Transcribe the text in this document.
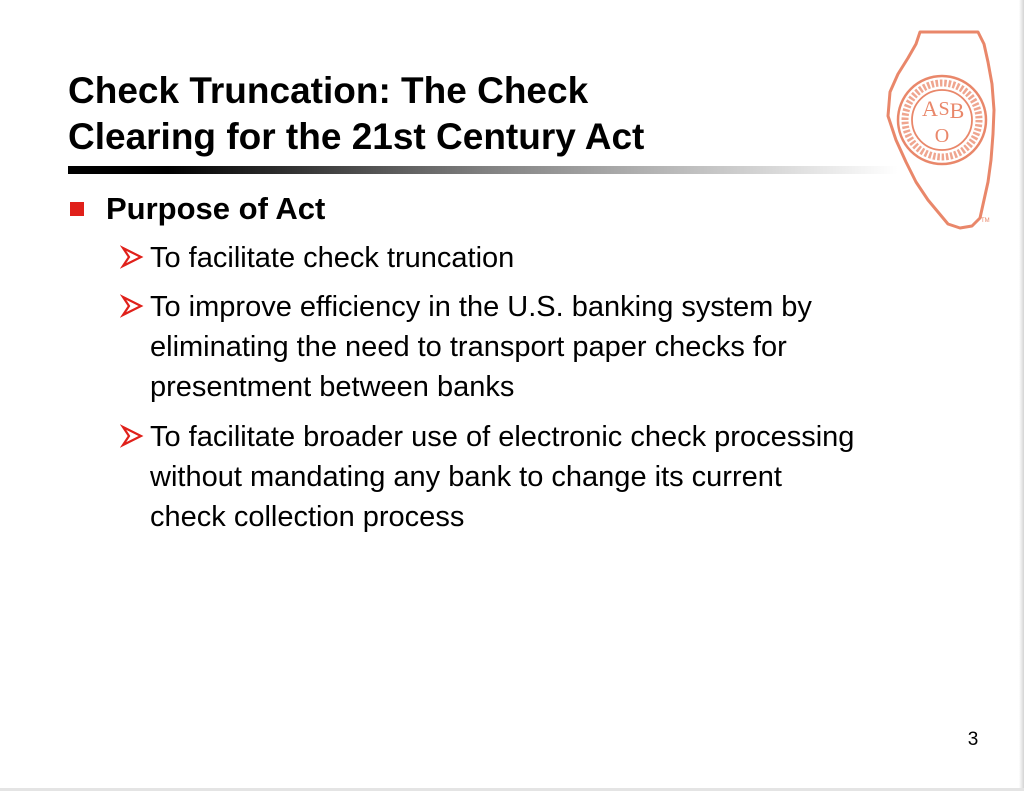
Check Truncation: The Check
Clearing for the 21st Century Act
A S B
O
TM
Purpose of Act
To facilitate check truncation
To improve efficiency in the U.S. banking system by
eliminating the need to transport paper checks for
presentment between banks
To facilitate broader use of electronic check processing
without mandating any bank to change its current
check collection process
3
